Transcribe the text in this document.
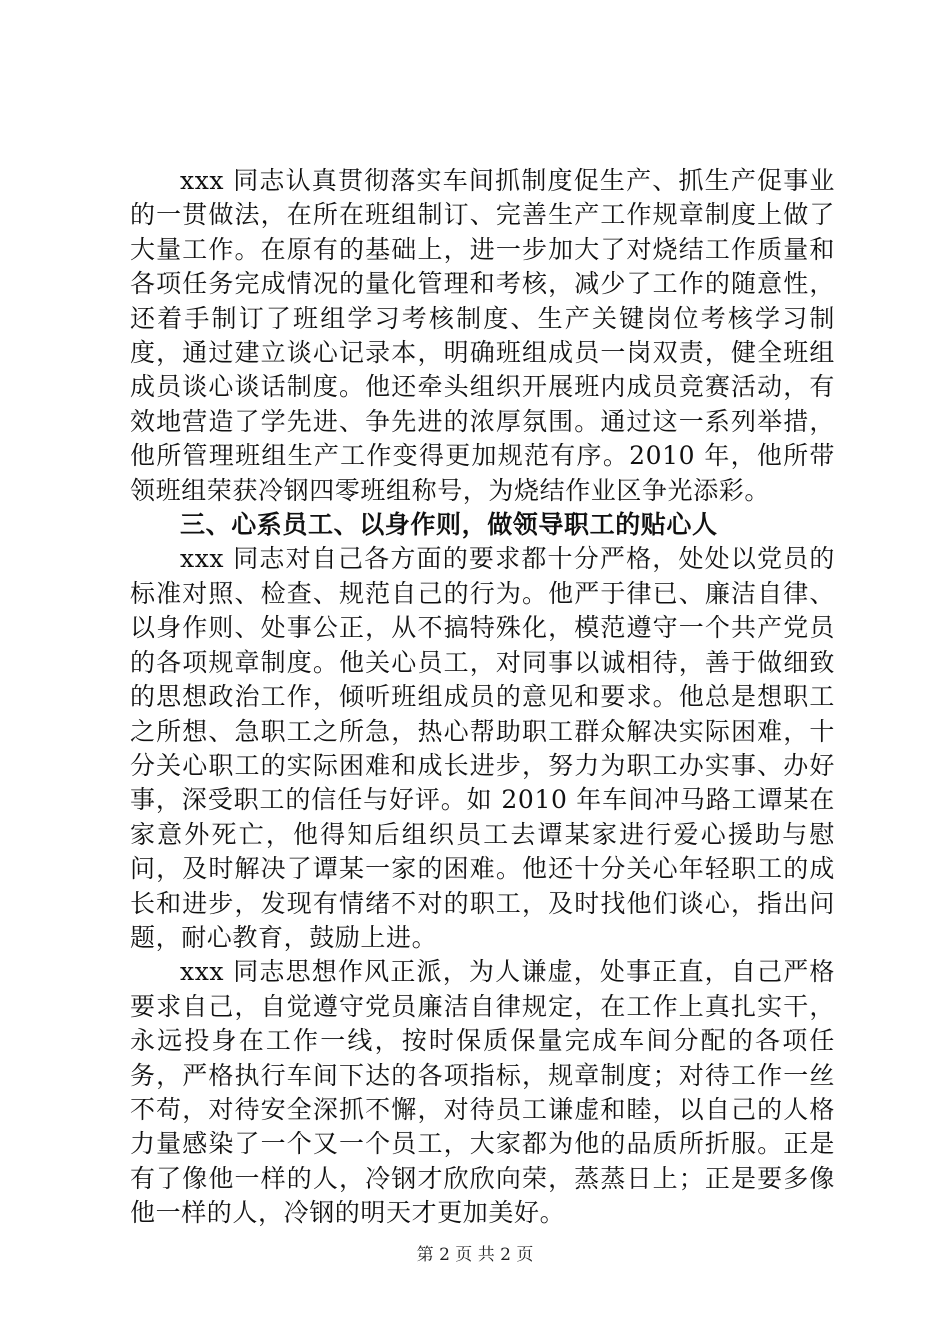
xxx 同志认真贯彻落实车间抓制度促生产、抓生产促事业的一贯做法，在所在班组制订、完善生产工作规章制度上做了大量工作。在原有的基础上，进一步加大了对烧结工作质量和各项任务完成情况的量化管理和考核，减少了工作的随意性，还着手制订了班组学习考核制度、生产关键岗位考核学习制度，通过建立谈心记录本，明确班组成员一岗双责，健全班组成员谈心谈话制度。他还牵头组织开展班内成员竞赛活动，有效地营造了学先进、争先进的浓厚氛围。通过这一系列举措，他所管理班组生产工作变得更加规范有序。2010 年，他所带领班组荣获冷钢四零班组称号，为烧结作业区争光添彩。

三、心系员工、以身作则，做领导职工的贴心人

xxx 同志对自己各方面的要求都十分严格，处处以党员的标准对照、检查、规范自己的行为。他严于律已、廉洁自律、以身作则、处事公正，从不搞特殊化，模范遵守一个共产党员的各项规章制度。他关心员工，对同事以诚相待，善于做细致的思想政治工作，倾听班组成员的意见和要求。他总是想职工之所想、急职工之所急，热心帮助职工群众解决实际困难，十分关心职工的实际困难和成长进步，努力为职工办实事、办好事，深受职工的信任与好评。如 2010 年车间冲马路工谭某在家意外死亡，他得知后组织员工去谭某家进行爱心援助与慰问，及时解决了谭某一家的困难。他还十分关心年轻职工的成长和进步，发现有情绪不对的职工，及时找他们谈心，指出问题，耐心教育，鼓励上进。

xxx 同志思想作风正派，为人谦虚，处事正直，自己严格要求自己，自觉遵守党员廉洁自律规定，在工作上真扎实干，永远投身在工作一线，按时保质保量完成车间分配的各项任务，严格执行车间下达的各项指标，规章制度；对待工作一丝不苟，对待安全深抓不懈，对待员工谦虚和睦，以自己的人格力量感染了一个又一个员工，大家都为他的品质所折服。正是有了像他一样的人，冷钢才欣欣向荣，蒸蒸日上；正是要多像他一样的人，冷钢的明天才更加美好。

第 2 页 共 2 页
